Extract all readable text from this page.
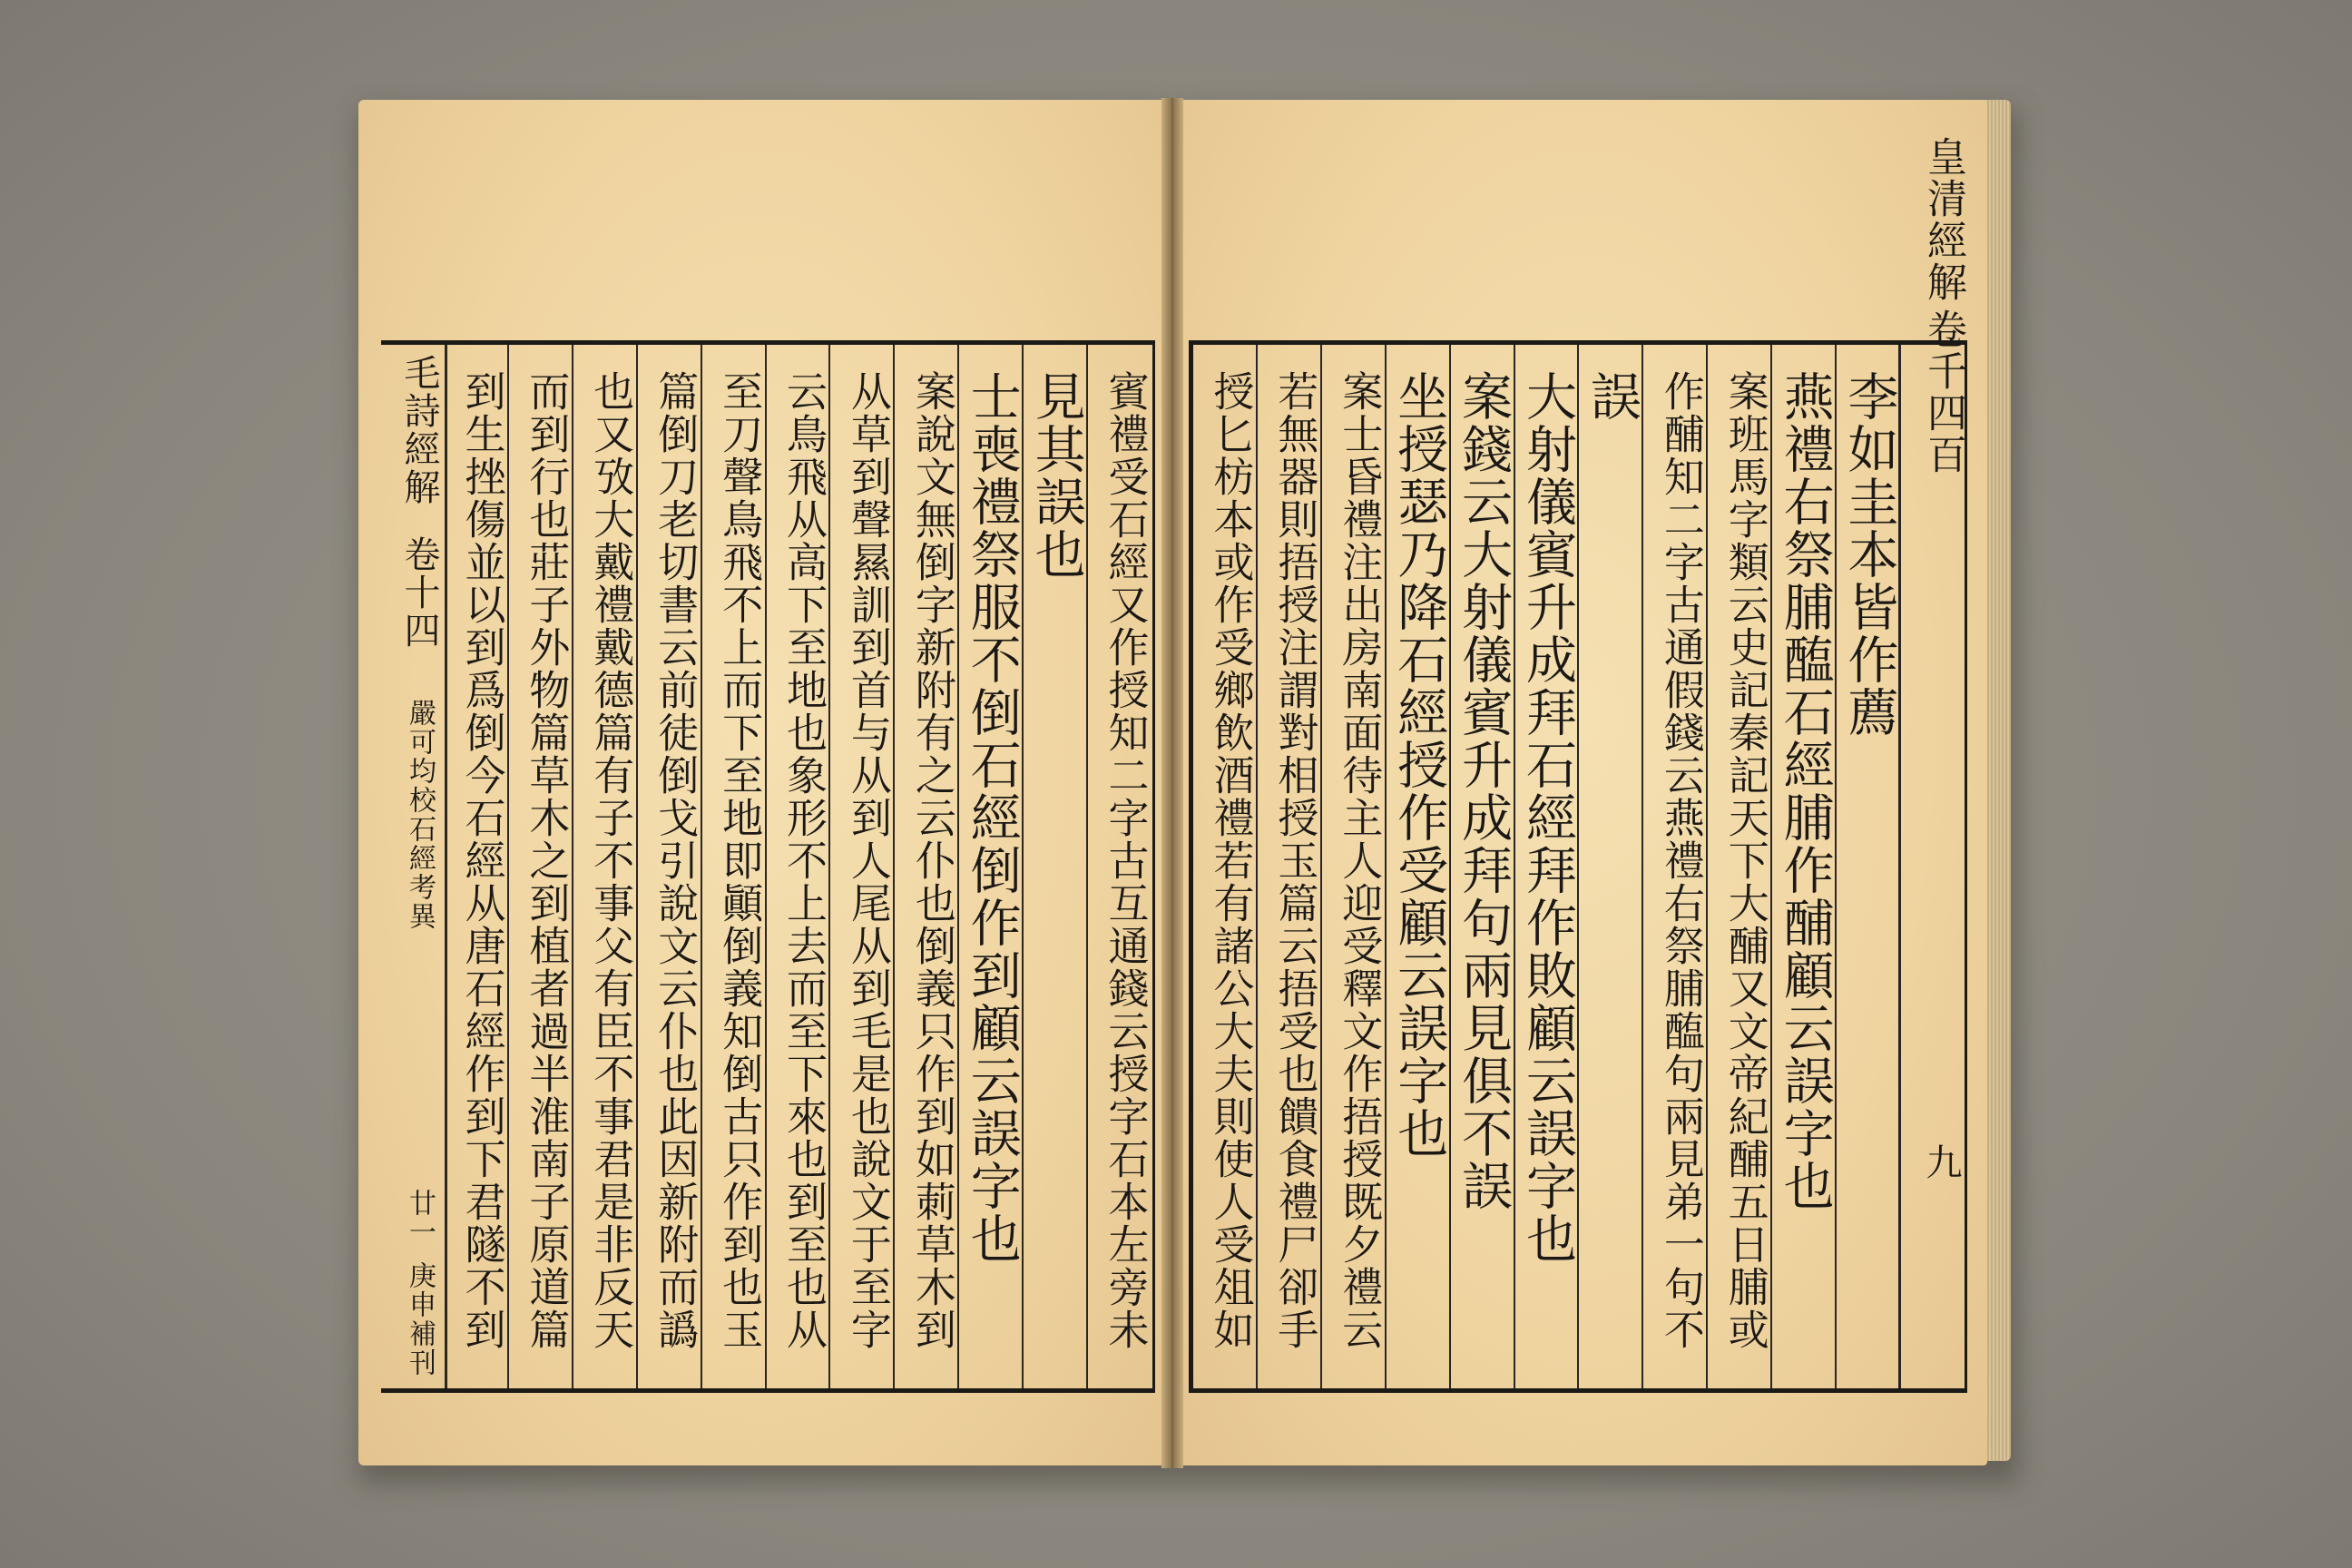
毛詩經解
卷十四
嚴可均校石經考異
廿一
庚申補刊	賓禮受石經又作授知二字古互通錢云授字石本左旁未
見其誤也
士喪禮祭服不倒石經倒作到顧云誤字也
案說文無倒字新附有之云仆也倒義只作到如莿草木到
从草到聲㬎訓到首与从到人尾从到毛是也說文于至字
云鳥飛从高下至地也象形不上去而至下來也到至也从
至刀聲鳥飛不上而下至地即顚倒義知倒古只作到也玉
篇倒刀老切書云前徒倒戈引說文云仆也此因新附而譌
也又攷大戴禮戴德篇有子不事父有臣不事君是非反天
而到行也莊子外物篇草木之到植者過半淮南子原道篇
到生挫傷並以到爲倒今石經从唐石經作到下君隧不到	李如圭本皆作薦
燕禮右祭脯醢石經脯作酺顧云誤字也
案班馬字類云史記秦記天下大酺又文帝紀酺五日脯或
作酺知二字古通假錢云燕禮右祭脯醢句兩見弟一句不
誤
大射儀賓升成拜石經拜作敗顧云誤字也
案錢云大射儀賓升成拜句兩見俱不誤
坐授瑟乃降石經授作受顧云誤字也
案士昏禮注出房南面待主人迎受釋文作捂授既夕禮云
若無器則捂授注謂對相授玉篇云捂受也饋食禮尸卻手
授匕枋本或作受鄉飲酒禮若有諸公大夫則使人受俎如
皇清經解
卷千四百
九
